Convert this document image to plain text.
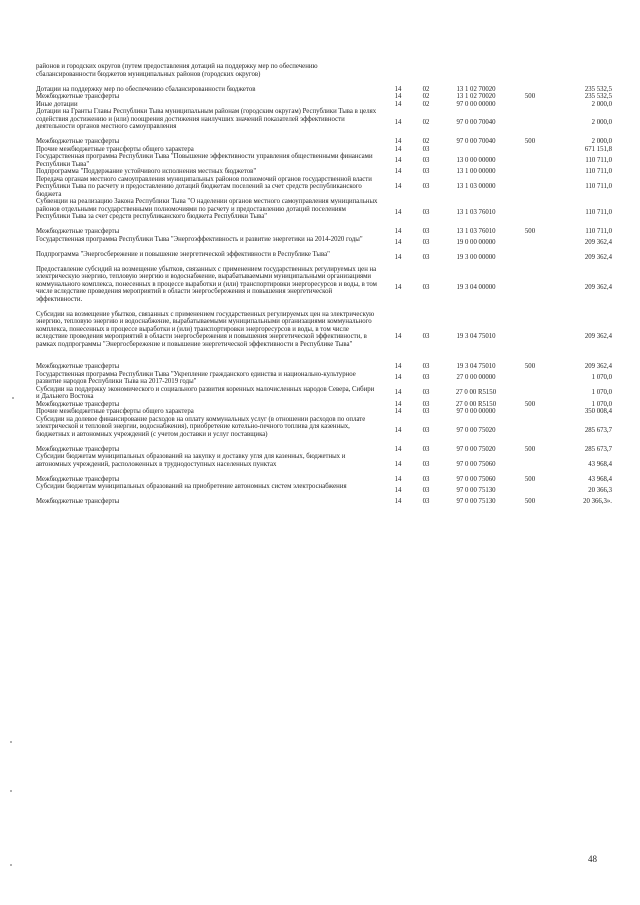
районов и городских округов (путем предоставления дотаций на поддержку мер по обеспечению сбалансированности бюджетов муниципальных районов (городских округов)
Дотации на поддержку мер по обеспечению сбалансированности бюджетов	14	02	13 1 02 70020	235 532,5
Межбюджетные трансферты	14	02	13 1 02 70020	500	235 532,5
Иные дотации	14	02	97 0 00 00000	2 000,0
Дотации на Гранты Главы Республики Тыва муниципальным районам (городским округам) Республики Тыва в целях содействия достижению и (или) поощрения достижения наилучших значений показателей эффективности деятельности органов местного самоуправления
14	02	97 0 00 70040	2 000,0
Межбюджетные трансферты	14	02	97 0 00 70040	500	2 000,0
Прочие межбюджетные трансферты общего характера	14	03	671 151,8
Государственная программа Республики Тыва "Повышение эффективности управления общественными финансами Республики Тыва"
14	03	13 0 00 00000	110 711,0
Подпрограмма "Поддержание устойчивого исполнения местных бюджетов"	14	03	13 1 00 00000	110 711,0
Передача органам местного самоуправления муниципальных районов полномочий органов государственной власти Республики Тыва по расчету и предоставлению дотаций бюджетам поселений за счет средств республиканского бюджета
14	03	13 1 03 00000	110 711,0
Субвенции на реализацию Закона Республики Тыва "О наделении органов местного самоуправления муниципальных районов отдельными государственными полномочиями по расчету и предоставлению дотаций поселениям Республики Тыва за счет средств республиканского бюджета Республики Тыва"
14	03	13 1 03 76010	110 711,0
Межбюджетные трансферты	14	03	13 1 03 76010	500	110 711,0
Государственная программа Республики Тыва "Энергоэффективность и развитие энергетики на 2014-2020 годы"
14	03	19 0 00 00000	209 362,4
Подпрограмма "Энергосбережение и повышение энергетической эффективности в Республике Тыва"
14	03	19 3 00 00000	209 362,4
Предоставление субсидий на возмещение убытков, связанных с применением государственных регулируемых цен на электрическую энергию, тепловую энергию и водоснабжение, вырабатываемыми муниципальными организациями коммунального комплекса, понесенных в процессе выработки и (или) транспортировки энергоресурсов и воды, в том числе вследствие проведения мероприятий в области энергосбережения и повышения энергетической эффективности.
14	03	19 3 04 00000	209 362,4
Субсидии на возмещение убытков, связанных с применением государственных регулируемых цен на электрическую энергию, тепловую энергию и водоснабжение, вырабатываемыми муниципальными организациями коммунального комплекса, понесенных в процессе выработки и (или) транспортировки энергоресурсов и воды, в том числе вследствие проведения мероприятий в области энергосбережения и повышения энергетической эффективности, в рамках подпрограммы "Энергосбережение и повышение энергетической эффективности в Республике Тыва"
14	03	19 3 04 75010	209 362,4
Межбюджетные трансферты	14	03	19 3 04 75010	500	209 362,4
Государственная программа Республики Тыва "Укрепление гражданского единства и национально-культурное развитие народов Республики Тыва на 2017-2019 годы"
14	03	27 0 00 00000	1 070,0
Субсидии на поддержку экономического и социального развития коренных малочисленных народов Севера, Сибири и Дальнего Востока
14	03	27 0 00 R5150	1 070,0
Межбюджетные трансферты	14	03	27 0 00 R5150	500	1 070,0
Прочие межбюджетные трансферты общего характера	14	03	97 0 00 00000	350 008,4
Субсидии на долевое финансирование расходов на оплату коммунальных услуг (в отношении расходов по оплате электрической и тепловой энергии, водоснабжения), приобретение котельно-печного топлива для казенных, бюджетных и автономных учреждений (с учетом доставки и услуг поставщика)
14	03	97 0 00 75020	285 673,7
Межбюджетные трансферты	14	03	97 0 00 75020	500	285 673,7
Субсидии бюджетам муниципальных образований на закупку и доставку угля для казенных, бюджетных и автономных учреждений, расположенных в труднодоступных населенных пунктах	14	03	97 0 00 75060	43 968,4
Межбюджетные трансферты	14	03	97 0 00 75060	500	43 968,4
Субсидии бюджетам муниципальных образований на приобретение автономных систем электроснабжения
14	03	97 0 00 75130	20 366,3
Межбюджетные трансферты	14	03	97 0 00 75130	500	20 366,3».
48
